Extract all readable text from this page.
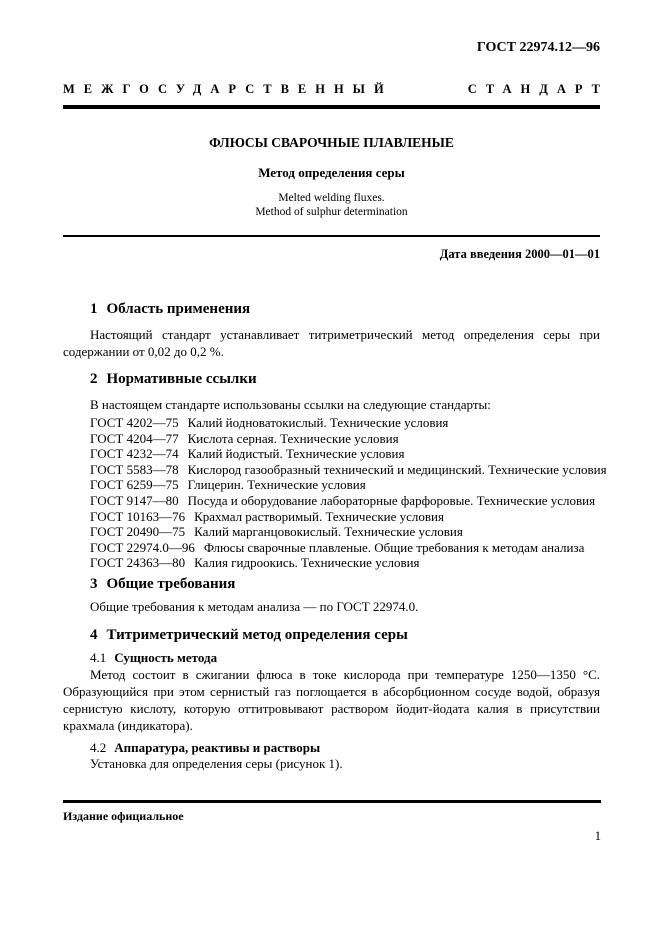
ГОСТ 22974.12—96
МЕЖГОСУДАРСТВЕННЫЙ	СТАНДАРТ
ФЛЮСЫ СВАРОЧНЫЕ ПЛАВЛЕНЫЕ
Метод определения серы
Melted welding fluxes.
Method of sulphur determination
Дата введения 2000—01—01
1 Область применения

Настоящий стандарт устанавливает титриметрический метод определения серы при содержании от 0,02 до 0,2 %.

2 Нормативные ссылки

В настоящем стандарте использованы ссылки на следующие стандарты:

ГОСТ 4202—75 Калий йодноватокислый. Технические условия
ГОСТ 4204—77 Кислота серная. Технические условия
ГОСТ 4232—74 Калий йодистый. Технические условия
ГОСТ 5583—78 Кислород газообразный технический и медицинский. Технические условия
ГОСТ 6259—75 Глицерин. Технические условия
ГОСТ 9147—80 Посуда и оборудование лабораторные фарфоровые. Технические условия
ГОСТ 10163—76 Крахмал растворимый. Технические условия
ГОСТ 20490—75 Калий марганцовокислый. Технические условия
ГОСТ 22974.0—96 Флюсы сварочные плавленые. Общие требования к методам анализа
ГОСТ 24363—80 Калия гидроокись. Технические условия
3 Общие требования

Общие требования к методам анализа — по ГОСТ 22974.0.

4 Титриметрический метод определения серы
4.1 Сущность метода

Метод состоит в сжигании флюса в токе кислорода при температуре 1250—1350 °С. Образующийся при этом сернистый газ поглощается в абсорбционном сосуде водой, образуя сернистую кислоту, которую оттитровывают раствором йодит-йодата калия в присутствии крахмала (индикатора).

4.2 Аппаратура, реактивы и растворы
Установка для определения серы (рисунок 1).
Издание официальное
1
